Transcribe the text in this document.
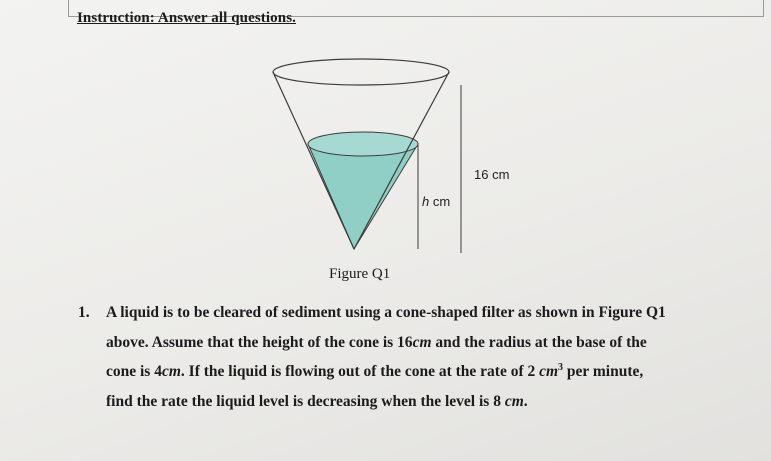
Instruction: Answer all questions.
h cm
16 cm
Figure Q1
1. A liquid is to be cleared of sediment using a cone-shaped filter as shown in Figure Q1
above. Assume that the height of the cone is 16cm and the radius at the base of the
cone is 4cm. If the liquid is flowing out of the cone at the rate of 2 $cm^3$ per minute,
find the rate the liquid level is decreasing when the level is 8 cm.
